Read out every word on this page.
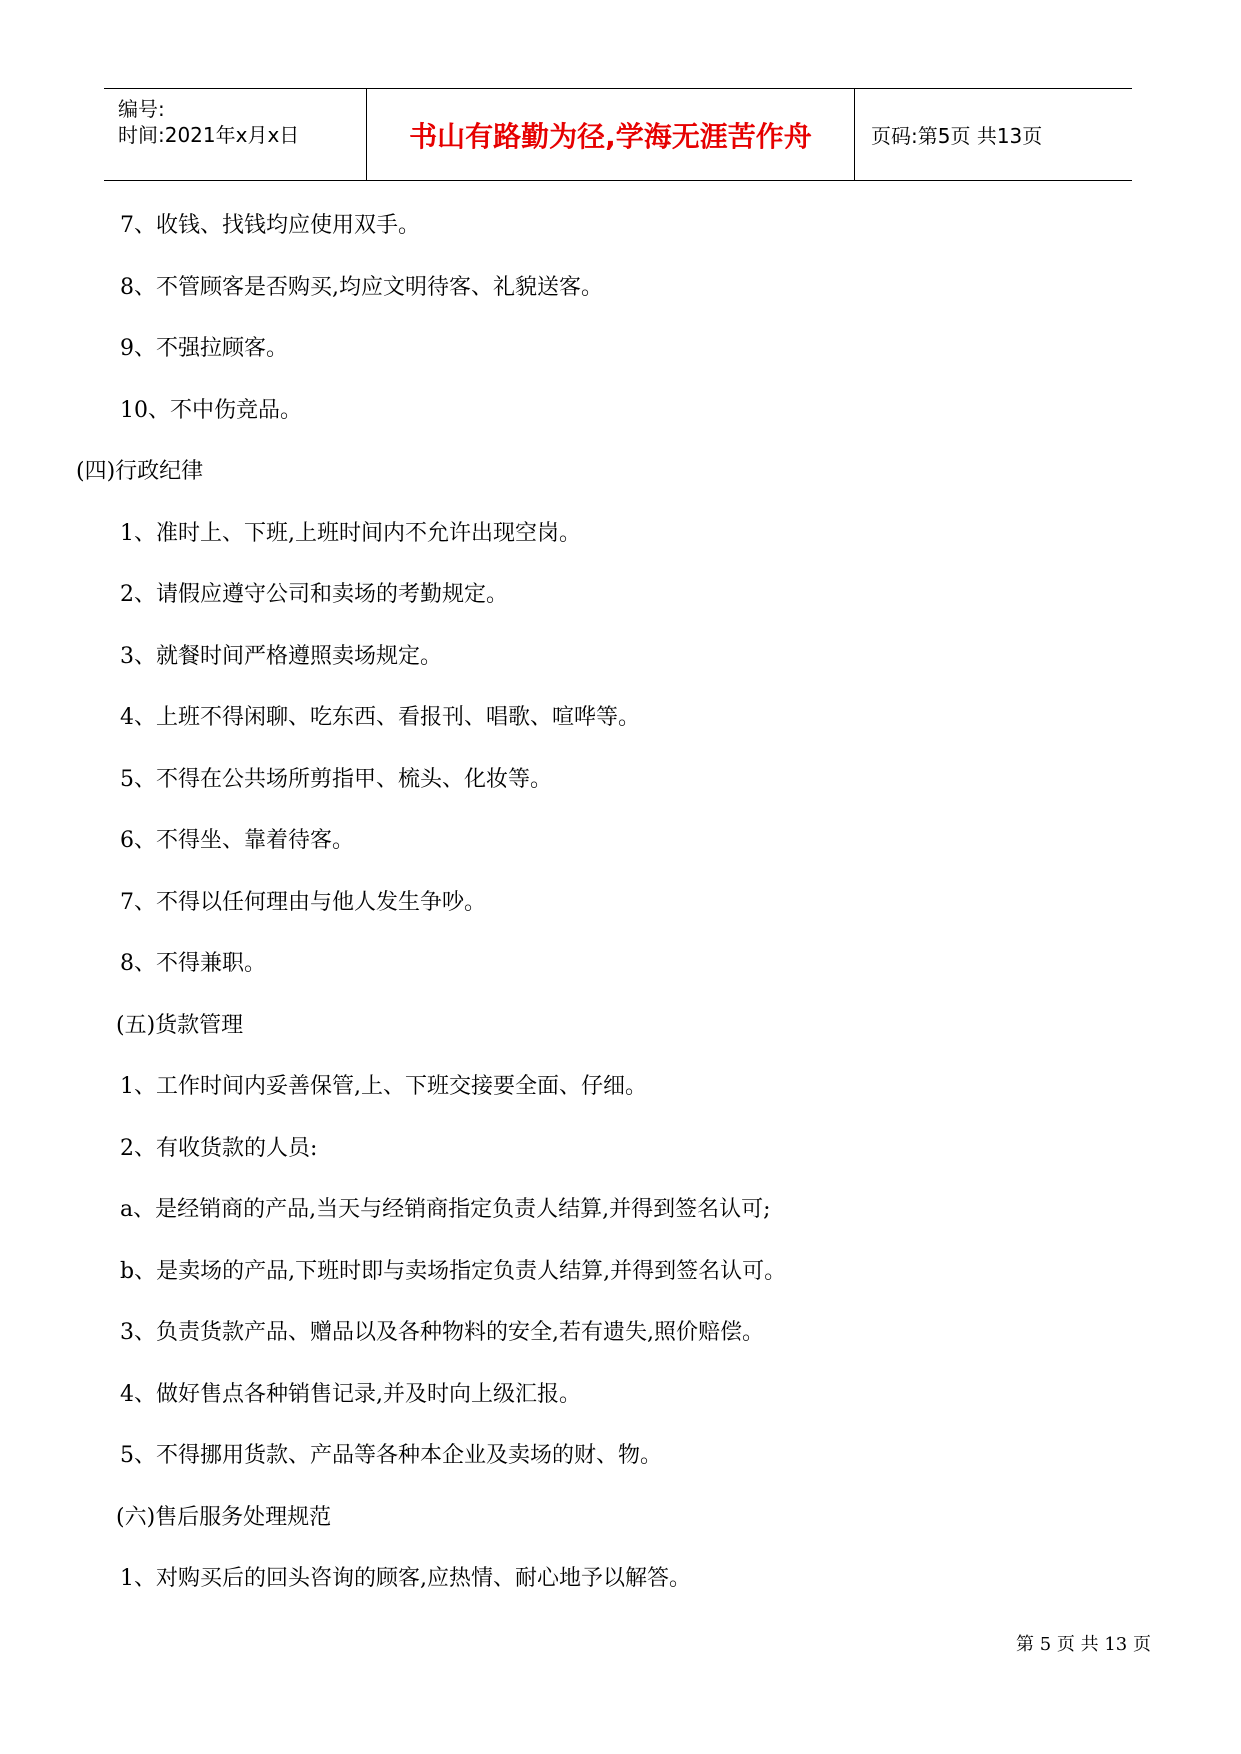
编号:
时间:2021年x月x日	书山有路勤为径,学海无涯苦作舟	页码:第5页 共13页
7、收钱、找钱均应使用双手。
8、不管顾客是否购买,均应文明待客、礼貌送客。
9、不强拉顾客。
10、不中伤竞品。
(四)行政纪律
1、准时上、下班,上班时间内不允许出现空岗。
2、请假应遵守公司和卖场的考勤规定。
3、就餐时间严格遵照卖场规定。
4、上班不得闲聊、吃东西、看报刊、唱歌、喧哗等。
5、不得在公共场所剪指甲、梳头、化妆等。
6、不得坐、靠着待客。
7、不得以任何理由与他人发生争吵。
8、不得兼职。
(五)货款管理
1、工作时间内妥善保管,上、下班交接要全面、仔细。
2、有收货款的人员:
a、是经销商的产品,当天与经销商指定负责人结算,并得到签名认可;
b、是卖场的产品,下班时即与卖场指定负责人结算,并得到签名认可。
3、负责货款产品、赠品以及各种物料的安全,若有遗失,照价赔偿。
4、做好售点各种销售记录,并及时向上级汇报。
5、不得挪用货款、产品等各种本企业及卖场的财、物。
(六)售后服务处理规范
1、对购买后的回头咨询的顾客,应热情、耐心地予以解答。
第 5 页 共 13 页
